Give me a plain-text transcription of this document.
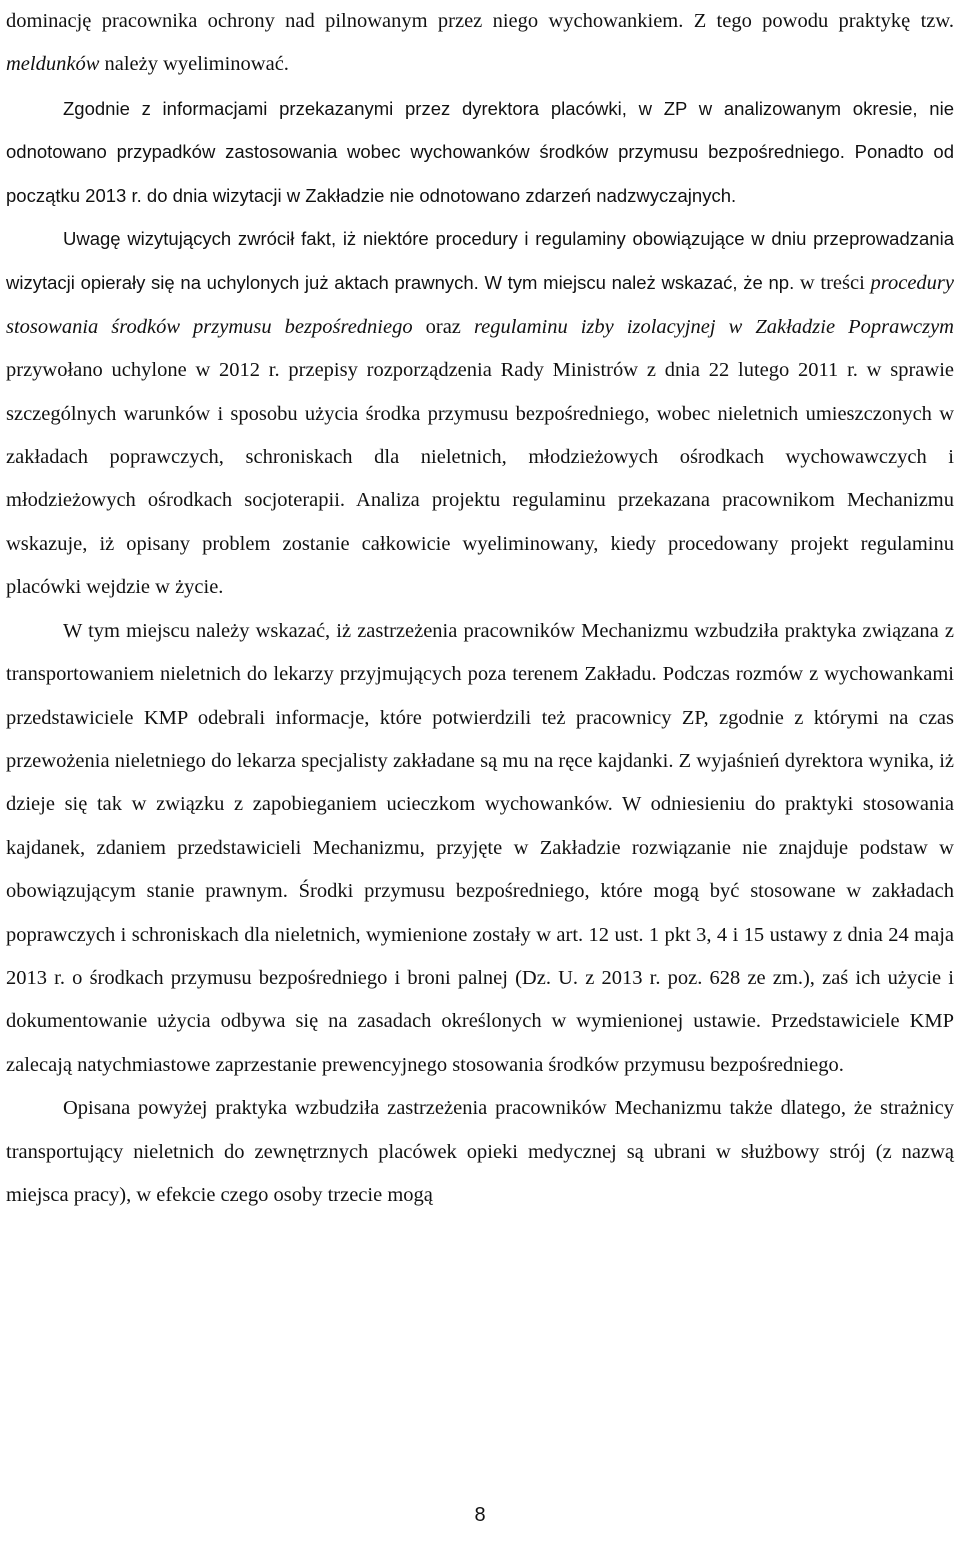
dominację pracownika ochrony nad pilnowanym przez niego wychowankiem. Z tego powodu praktykę tzw. meldunków należy wyeliminować.

Zgodnie z informacjami przekazanymi przez dyrektora placówki, w ZP w analizowanym okresie, nie odnotowano przypadków zastosowania wobec wychowanków środków przymusu bezpośredniego. Ponadto od początku 2013 r. do dnia wizytacji w Zakładzie nie odnotowano zdarzeń nadzwyczajnych.

Uwagę wizytujących zwrócił fakt, iż niektóre procedury i regulaminy obowiązujące w dniu przeprowadzania wizytacji opierały się na uchylonych już aktach prawnych. W tym miejscu należ wskazać, że np. w treści procedury stosowania środków przymusu bezpośredniego oraz regulaminu izby izolacyjnej w Zakładzie Poprawczym przywołano uchylone w 2012 r. przepisy rozporządzenia Rady Ministrów z dnia 22 lutego 2011 r. w sprawie szczególnych warunków i sposobu użycia środka przymusu bezpośredniego, wobec nieletnich umieszczonych w zakładach poprawczych, schroniskach dla nieletnich, młodzieżowych ośrodkach wychowawczych i młodzieżowych ośrodkach socjoterapii. Analiza projektu regulaminu przekazana pracownikom Mechanizmu wskazuje, iż opisany problem zostanie całkowicie wyeliminowany, kiedy procedowany projekt regulaminu placówki wejdzie w życie.

W tym miejscu należy wskazać, iż zastrzeżenia pracowników Mechanizmu wzbudziła praktyka związana z transportowaniem nieletnich do lekarzy przyjmujących poza terenem Zakładu. Podczas rozmów z wychowankami przedstawiciele KMP odebrali informacje, które potwierdzili też pracownicy ZP, zgodnie z którymi na czas przewożenia nieletniego do lekarza specjalisty zakładane są mu na ręce kajdanki. Z wyjaśnień dyrektora wynika, iż dzieje się tak w związku z zapobieganiem ucieczkom wychowanków. W odniesieniu do praktyki stosowania kajdanek, zdaniem przedstawicieli Mechanizmu, przyjęte w Zakładzie rozwiązanie nie znajduje podstaw w obowiązującym stanie prawnym. Środki przymusu bezpośredniego, które mogą być stosowane w zakładach poprawczych i schroniskach dla nieletnich, wymienione zostały w art. 12 ust. 1 pkt 3, 4 i 15 ustawy z dnia 24 maja 2013 r. o środkach przymusu bezpośredniego i broni palnej (Dz. U. z 2013 r. poz. 628 ze zm.), zaś ich użycie i dokumentowanie użycia odbywa się na zasadach określonych w wymienionej ustawie. Przedstawiciele KMP zalecają natychmiastowe zaprzestanie prewencyjnego stosowania środków przymusu bezpośredniego.

Opisana powyżej praktyka wzbudziła zastrzeżenia pracowników Mechanizmu także dlatego, że strażnicy transportujący nieletnich do zewnętrznych placówek opieki medycznej są ubrani w służbowy strój (z nazwą miejsca pracy), w efekcie czego osoby trzecie mogą

8
